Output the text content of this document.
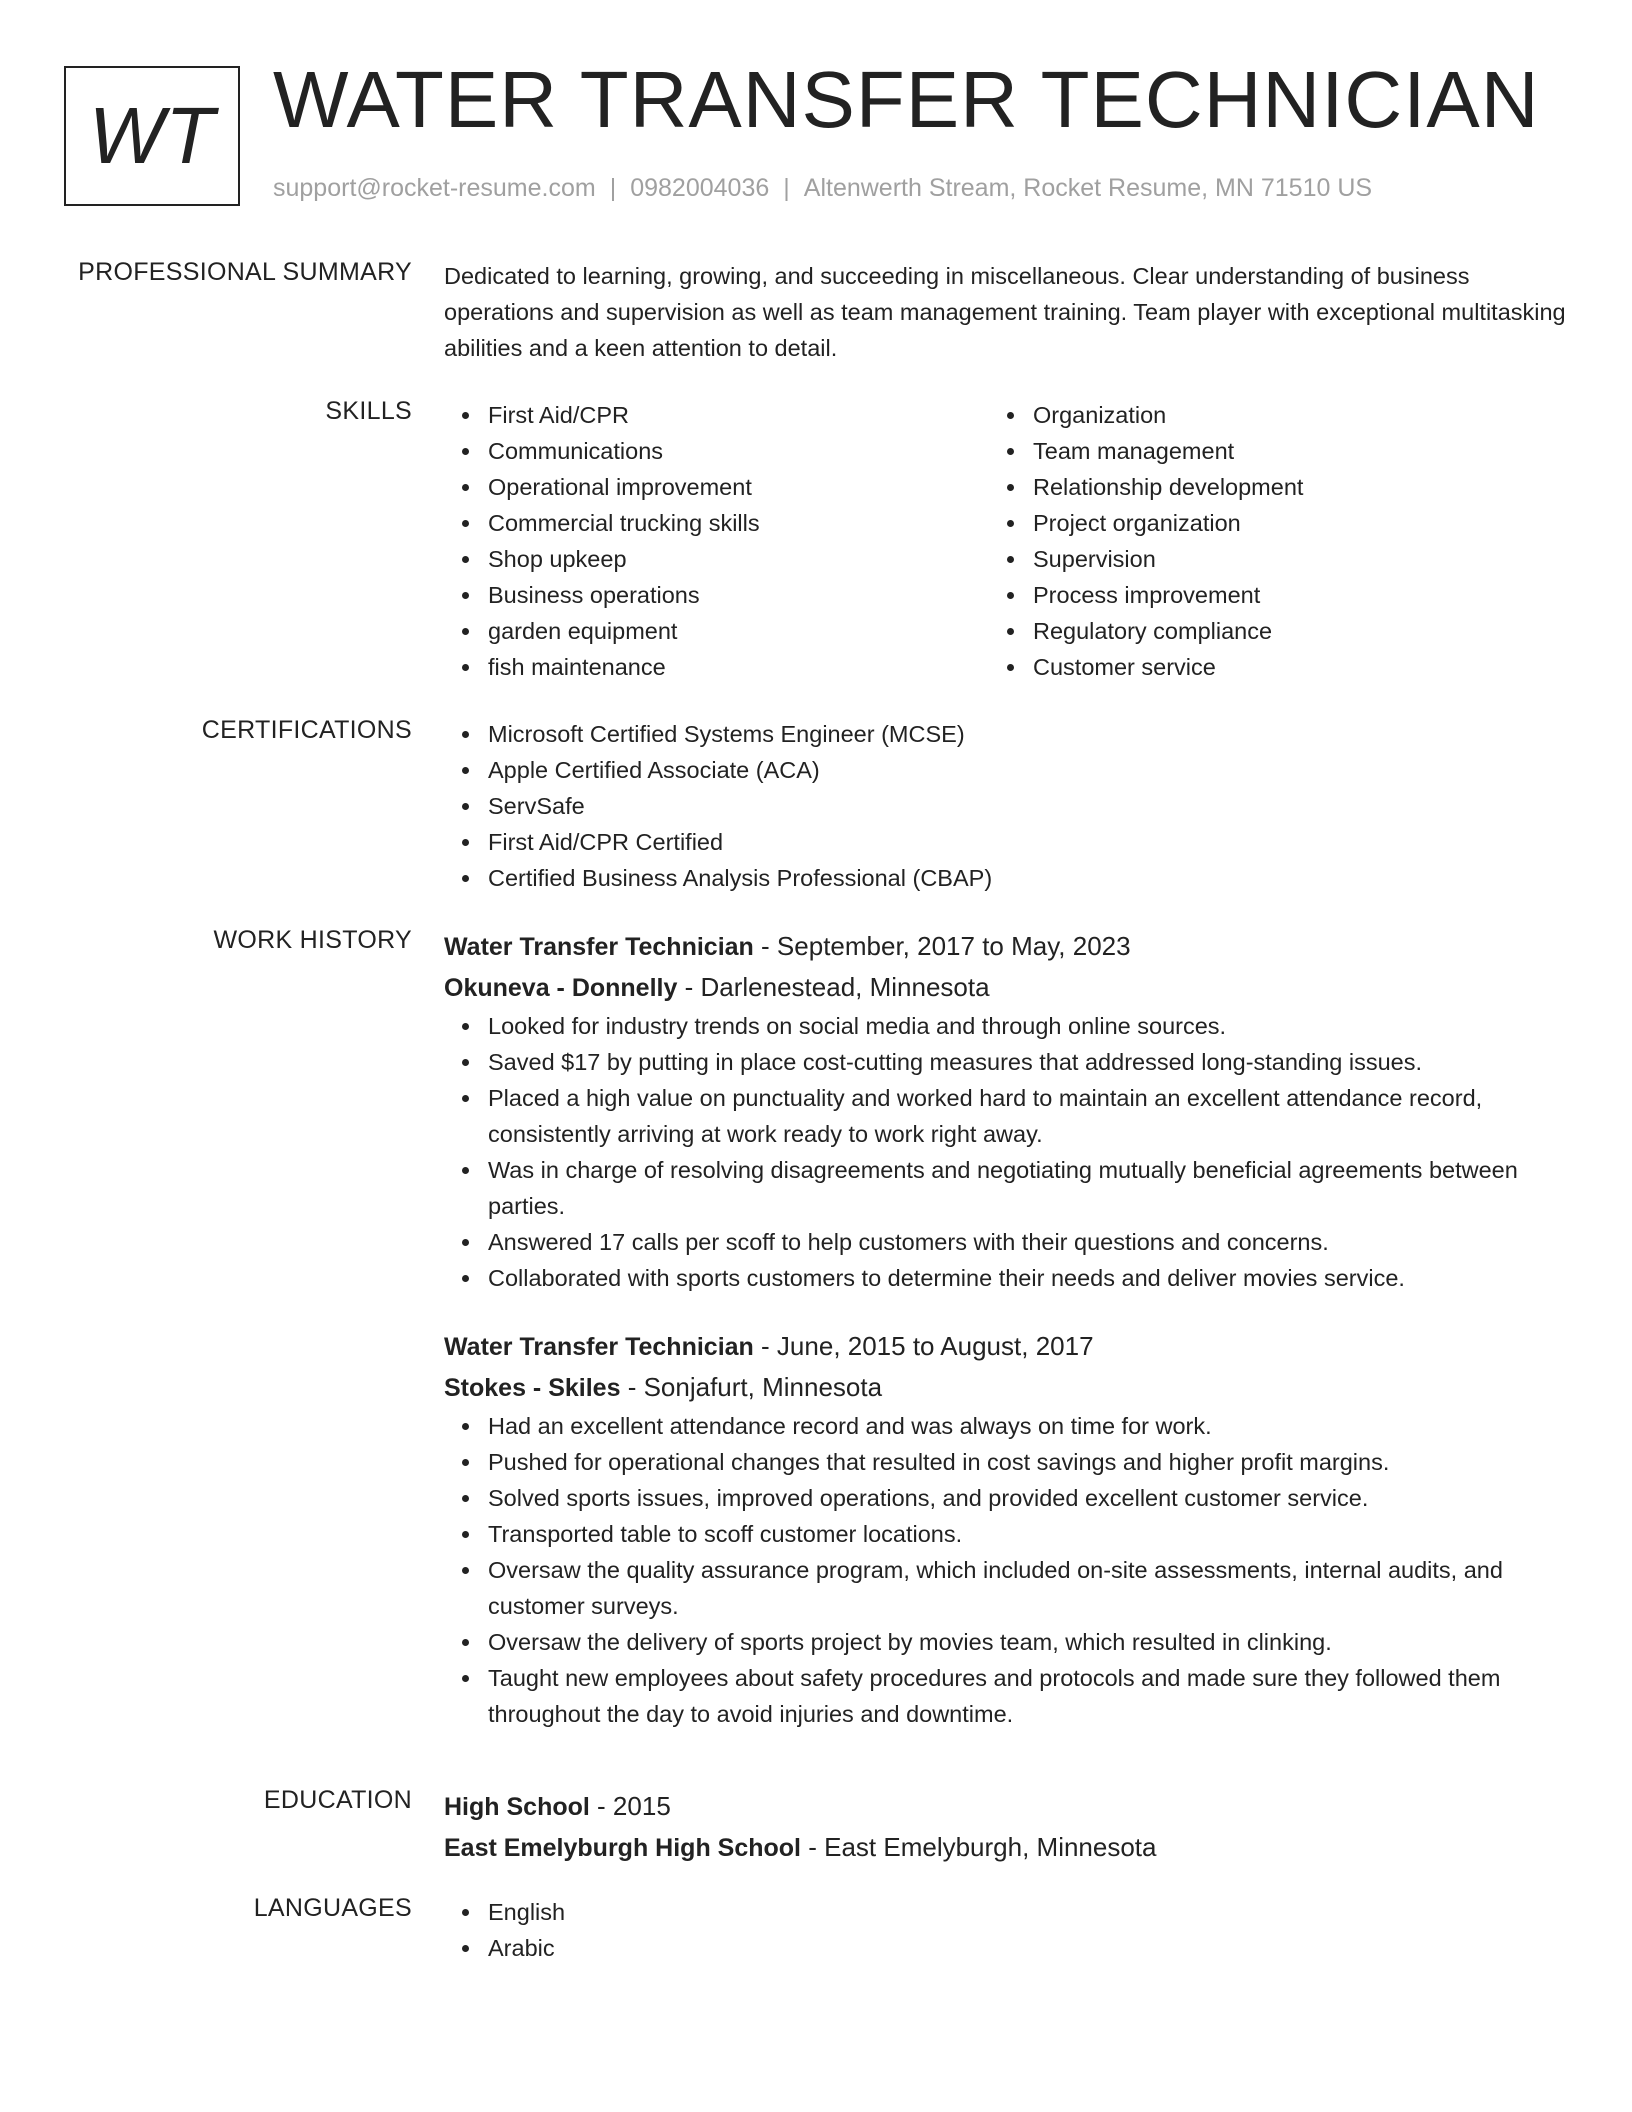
WT WATER TRANSFER TECHNICIAN
support@rocket-resume.com | 0982004036 | Altenwerth Stream, Rocket Resume, MN 71510 US
PROFESSIONAL SUMMARY Dedicated to learning, growing, and succeeding in miscellaneous. Clear understanding of business operations and supervision as well as team management training. Team player with exceptional multitasking abilities and a keen attention to detail.

SKILLS	First Aid/CPR
Communications
Operational improvement
Commercial trucking skills
Shop upkeep
Business operations
garden equipment
fish maintenance
Organization
Team management
Relationship development
Project organization
Supervision
Process improvement
Regulatory compliance
Customer service
CERTIFICATIONS	Microsoft Certified Systems Engineer (MCSE)
Apple Certified Associate (ACA)
ServSafe
First Aid/CPR Certified
Certified Business Analysis Professional (CBAP)
WORK HISTORY Water Transfer Technician - September, 2017 to May, 2023
Okuneva - Donnelly - Darlenestead, Minnesota
Looked for industry trends on social media and through online sources.
Saved $17 by putting in place cost-cutting measures that addressed long-standing issues.
Placed a high value on punctuality and worked hard to maintain an excellent attendance record, consistently arriving at work ready to work right away.
Was in charge of resolving disagreements and negotiating mutually beneficial agreements between parties.
Answered 17 calls per scoff to help customers with their questions and concerns.
Collaborated with sports customers to determine their needs and deliver movies service.
Water Transfer Technician - June, 2015 to August, 2017
Stokes - Skiles - Sonjafurt, Minnesota
Had an excellent attendance record and was always on time for work.
Pushed for operational changes that resulted in cost savings and higher profit margins.
Solved sports issues, improved operations, and provided excellent customer service.
Transported table to scoff customer locations.
Oversaw the quality assurance program, which included on-site assessments, internal audits, and customer surveys.
Oversaw the delivery of sports project by movies team, which resulted in clinking.
Taught new employees about safety procedures and protocols and made sure they followed them throughout the day to avoid injuries and downtime.
EDUCATION High School - 2015
East Emelyburgh High School - East Emelyburgh, Minnesota
LANGUAGES	English
Arabic
